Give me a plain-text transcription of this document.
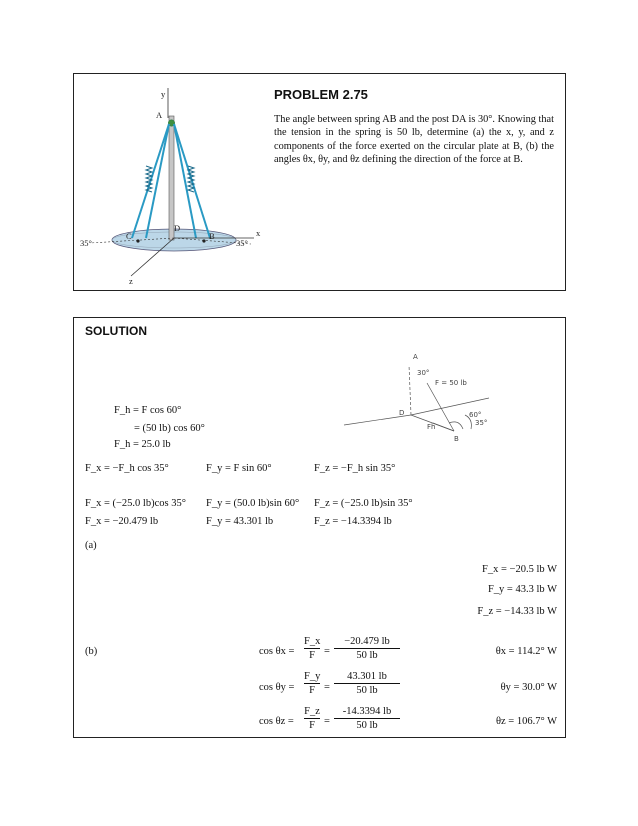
y
A
D
C	B	x
z
35°	35°
PROBLEM 2.75
The angle between spring AB and the post DA is 30°. Knowing that the tension in the spring is 50 lb, determine (a) the x, y, and z components of the force exerted on the circular plate at B, (b) the angles θx, θy, and θz defining the direction of the force at B.
SOLUTION
A
D
B
F = 50 lb
Fh
30°
60°
35°
F_h = F cos 60°
= (50 lb) cos 60°
F_h = 25.0 lb
F_x = −F_h cos 35°	F_y = F sin 60°	F_z = −F_h sin 35°
F_x = (−25.0 lb)cos 35° F_y = (50.0 lb)sin 60° F_z = (−25.0 lb)sin 35°
F_x = −20.479 lb	F_y = 43.301 lb	F_z = −14.3394 lb
(a)
F_x = −20.5 lb W
F_y = 43.3 lb W
F_z = −14.33 lb W
(b)	cos θx =
F_x
F =
−20.479 lb
50 lb	θx = 114.2° W
cos θy =
F_y
F =
43.301 lb
50 lb	θy = 30.0° W
cos θz =
F_z
F =
-14.3394 lb
50 lb	θz = 106.7° W
